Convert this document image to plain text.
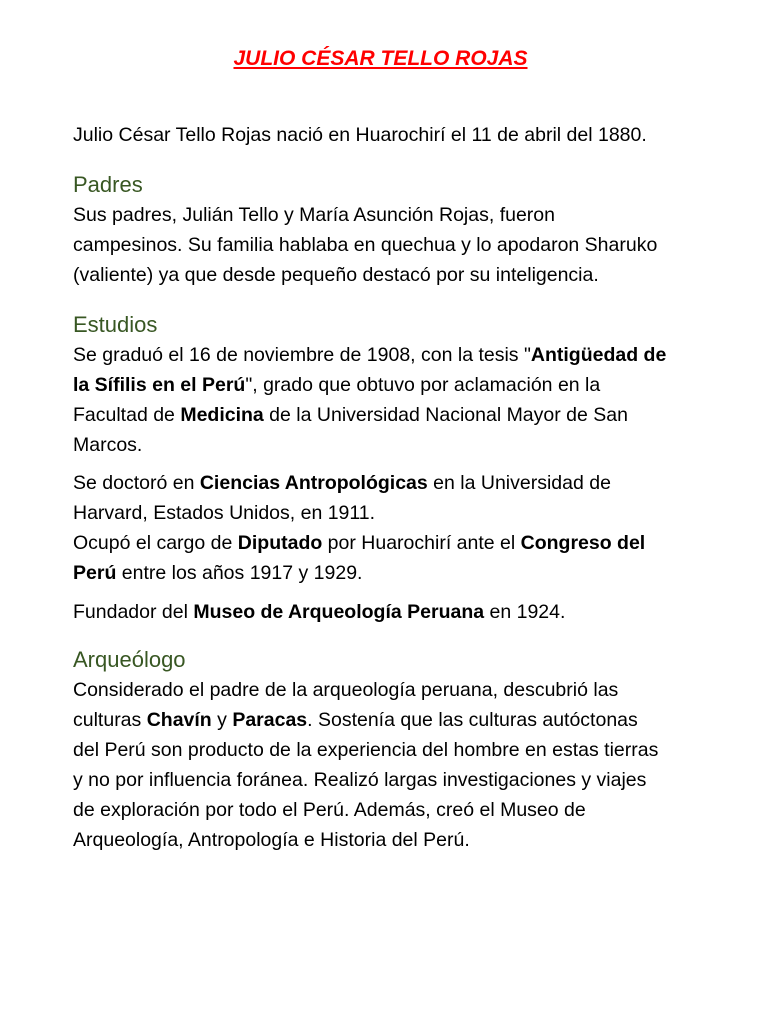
JULIO CÉSAR TELLO ROJAS

Julio César Tello Rojas nació en Huarochirí el 11 de abril del 1880.

Padres

Sus padres, Julián Tello y María Asunción Rojas, fueron campesinos. Su familia hablaba en quechua y lo apodaron Sharuko (valiente) ya que desde pequeño destacó por su inteligencia.

Estudios

Se graduó el 16 de noviembre de 1908, con la tesis "Antigüedad de la Sífilis en el Perú", grado que obtuvo por aclamación en la Facultad de Medicina de la Universidad Nacional Mayor de San Marcos.

Se doctoró en Ciencias Antropológicas en la Universidad de Harvard, Estados Unidos, en 1911.
Ocupó el cargo de Diputado por Huarochirí ante el Congreso del Perú entre los años 1917 y 1929.

Fundador del Museo de Arqueología Peruana en 1924.

Arqueólogo

Considerado el padre de la arqueología peruana, descubrió las culturas Chavín y Paracas. Sostenía que las culturas autóctonas del Perú son producto de la experiencia del hombre en estas tierras y no por influencia foránea. Realizó largas investigaciones y viajes de exploración por todo el Perú. Además, creó el Museo de Arqueología, Antropología e Historia del Perú.
